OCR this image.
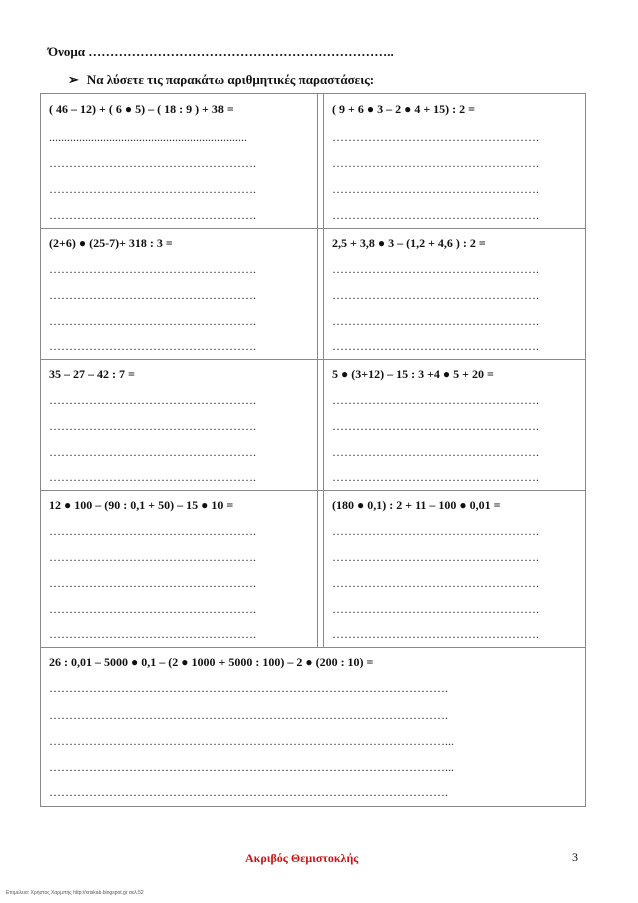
Όνομα ……………………………………………………………..
➢ Να λύσετε τις παρακάτω αριθμητικές παραστάσεις:
( 46 – 12) + ( 6 ● 5) – ( 18 : 9 ) + 38 =
..................................................................
…………………………………………….
…………………………………………….
…………………………………………….
( 9 + 6 ● 3 – 2 ● 4 + 15) : 2 =
…………………………………………….
…………………………………………….
…………………………………………….
…………………………………………….
(2+6) ● (25-7)+ 318 : 3 =
…………………………………………….
…………………………………………….
…………………………………………….
…………………………………………….
2,5 + 3,8 ● 3 – (1,2 + 4,6 ) : 2 =
…………………………………………….
…………………………………………….
…………………………………………….
…………………………………………….
35 – 27 – 42 : 7 =
…………………………………………….
…………………………………………….
…………………………………………….
…………………………………………….
5 ● (3+12) – 15 : 3 +4 ● 5 + 20 =
…………………………………………….
…………………………………………….
…………………………………………….
…………………………………………….
12 ● 100 – (90 : 0,1 + 50) – 15 ● 10 =
…………………………………………….
…………………………………………….
…………………………………………….
…………………………………………….
…………………………………………….
(180 ● 0,1) : 2 + 11 – 100 ● 0,01 =
…………………………………………….
…………………………………………….
…………………………………………….
…………………………………………….
…………………………………………….
26 : 0,01 – 5000 ● 0,1 – (2 ● 1000 + 5000 : 100) – 2 ● (200 : 10) =
……………………………………………………………………………………….
……………………………………………………………………………………….
………………………………………………………………………………………...
………………………………………………………………………………………...
……………………………………………………………………………………….
Ακριβός Θεμιστοκλής	3
Επιμέλεια: Χρήστος Χαρμπής http://xriskab.blogspot.gr σελ.52
